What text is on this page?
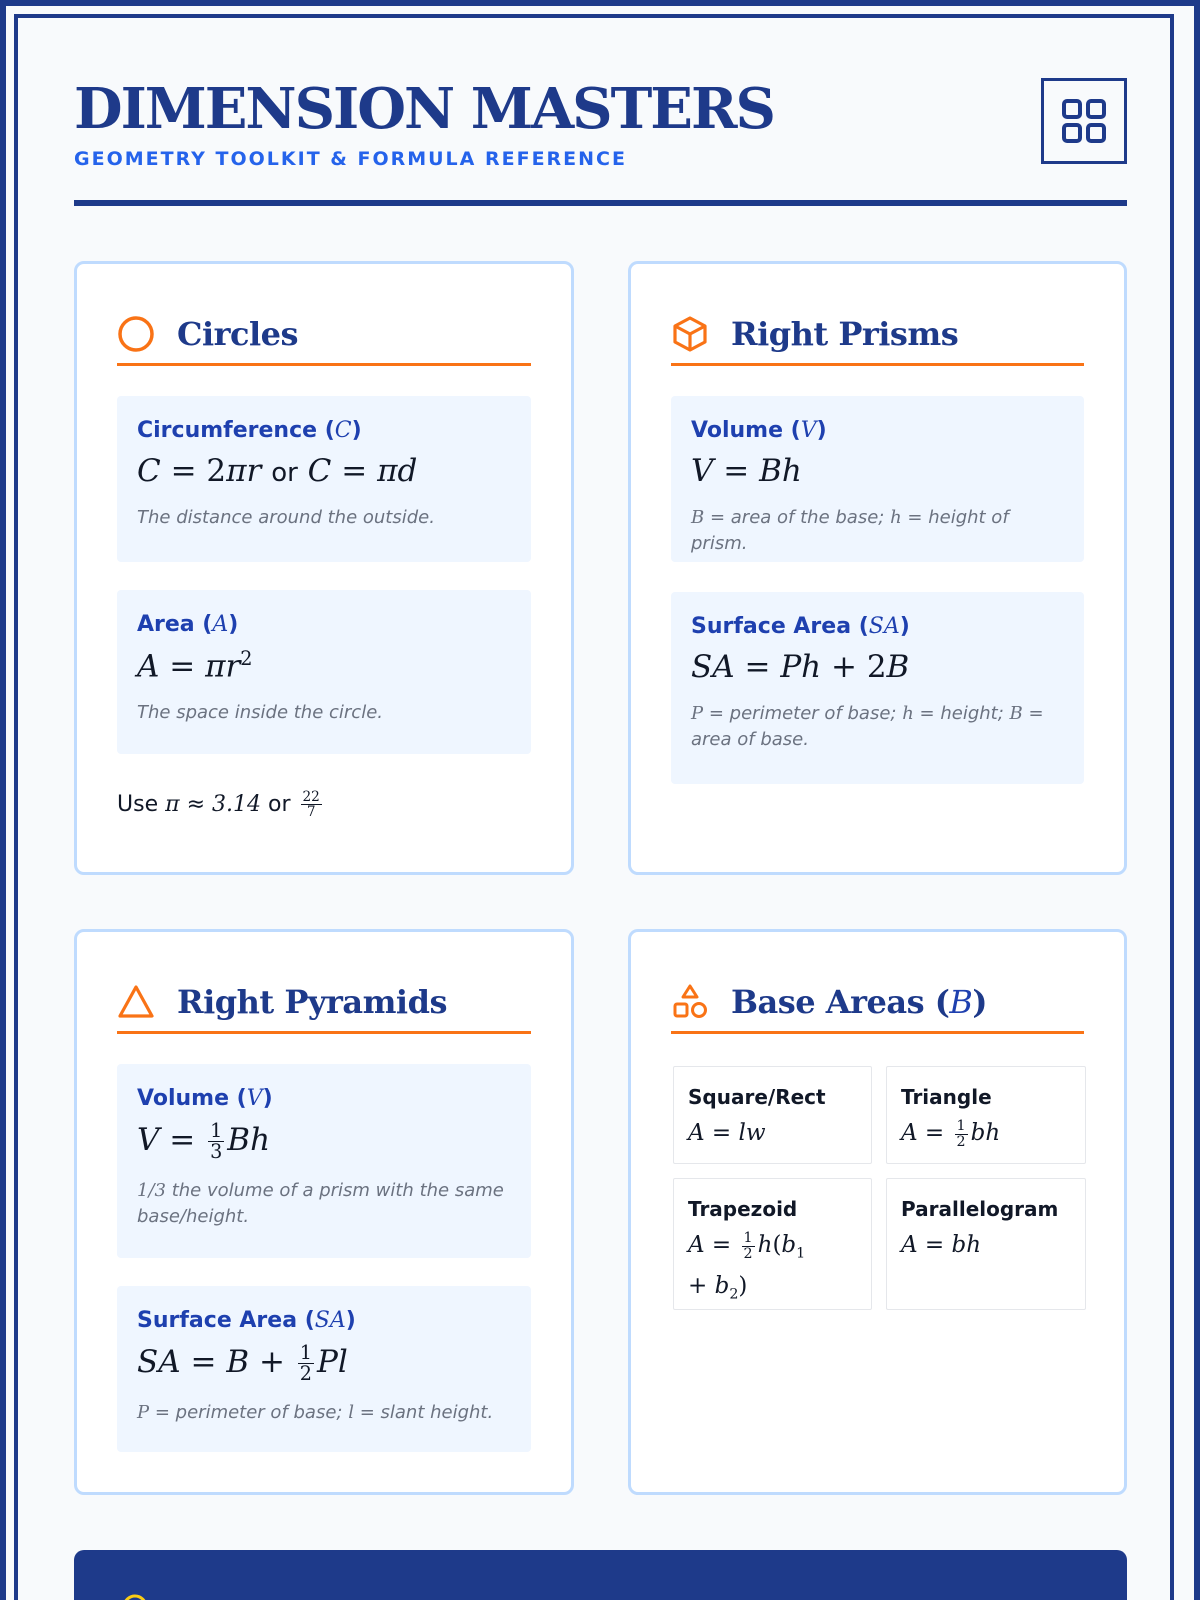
DIMENSION MASTERS
GEOMETRY TOOLKIT & FORMULA REFERENCE
Circles
Circumference (C)
C = 2πr or C = πd
The distance around the outside.
Area (A)
$A = \pi r^2$
The space inside the circle.
Use π ≈ 3.14 or $\frac{22}{7}$
Right Prisms
Volume (V)
V = Bh
B = area of the base; h = height of prism.
Surface Area (SA)
SA = Ph + 2B
P = perimeter of base; h = height; B = area of base.
Right Pyramids
Volume (V)
$V = \frac{1}{3}$ Bh
1/3 the volume of a prism with the same base/height.
Surface Area (SA)
SA = $B + \frac{1}{2}$ Pl
P = perimeter of base; l = slant height.
Base Areas (B)
Square/Rect
A = lw
Triangle
$A = \frac{1}{2}$ bh
Trapezoid
$A = \frac{1}{2} h(b_1$
+ $b_2$)
Parallelogram
A = bh
